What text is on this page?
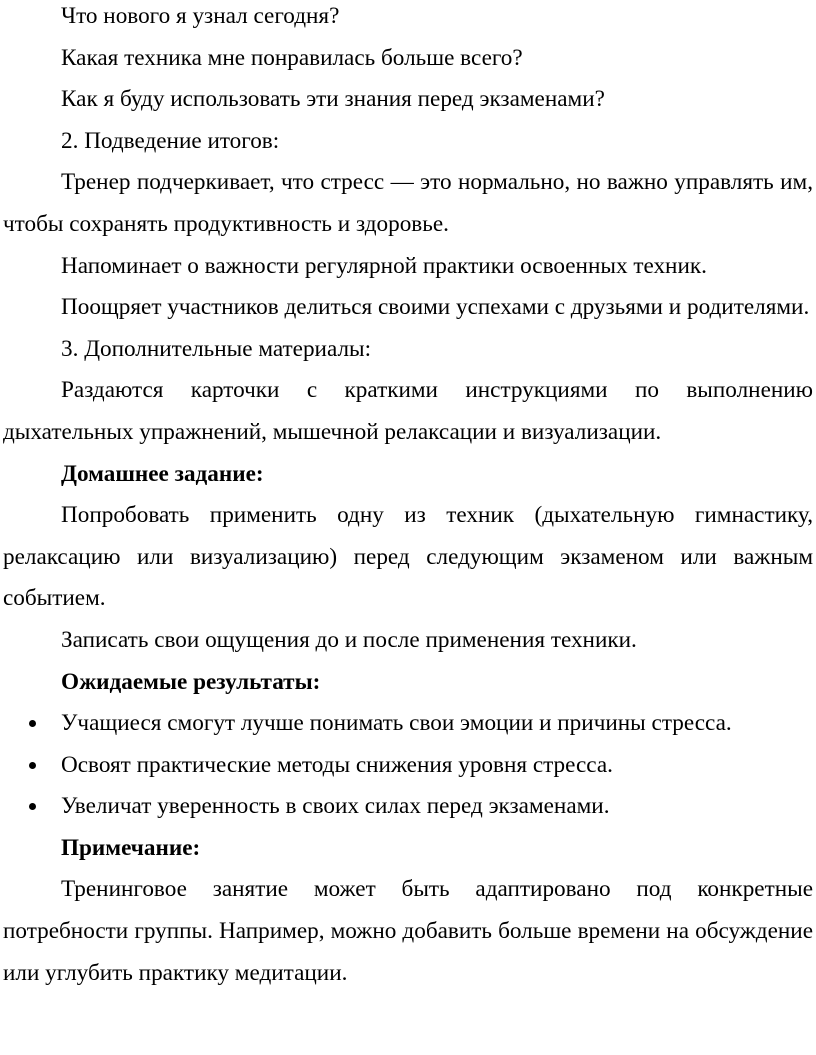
Что нового я узнал сегодня?

Какая техника мне понравилась больше всего?

Как я буду использовать эти знания перед экзаменами?

2. Подведение итогов:

Тренер подчеркивает, что стресс — это нормально, но важно управлять им, чтобы сохранять продуктивность и здоровье.

Напоминает о важности регулярной практики освоенных техник.

Поощряет участников делиться своими успехами с друзьями и родителями.

3. Дополнительные материалы:

Раздаются карточки с краткими инструкциями по выполнению дыхательных упражнений, мышечной релаксации и визуализации.

Домашнее задание:

Попробовать применить одну из техник (дыхательную гимнастику, релаксацию или визуализацию) перед следующим экзаменом или важным событием.

Записать свои ощущения до и после применения техники.

Ожидаемые результаты:

Учащиеся смогут лучше понимать свои эмоции и причины стресса.
Освоят практические методы снижения уровня стресса.
Увеличат уверенность в своих силах перед экзаменами.

Примечание:

Тренинговое занятие может быть адаптировано под конкретные потребности группы. Например, можно добавить больше времени на обсуждение или углубить практику медитации.
